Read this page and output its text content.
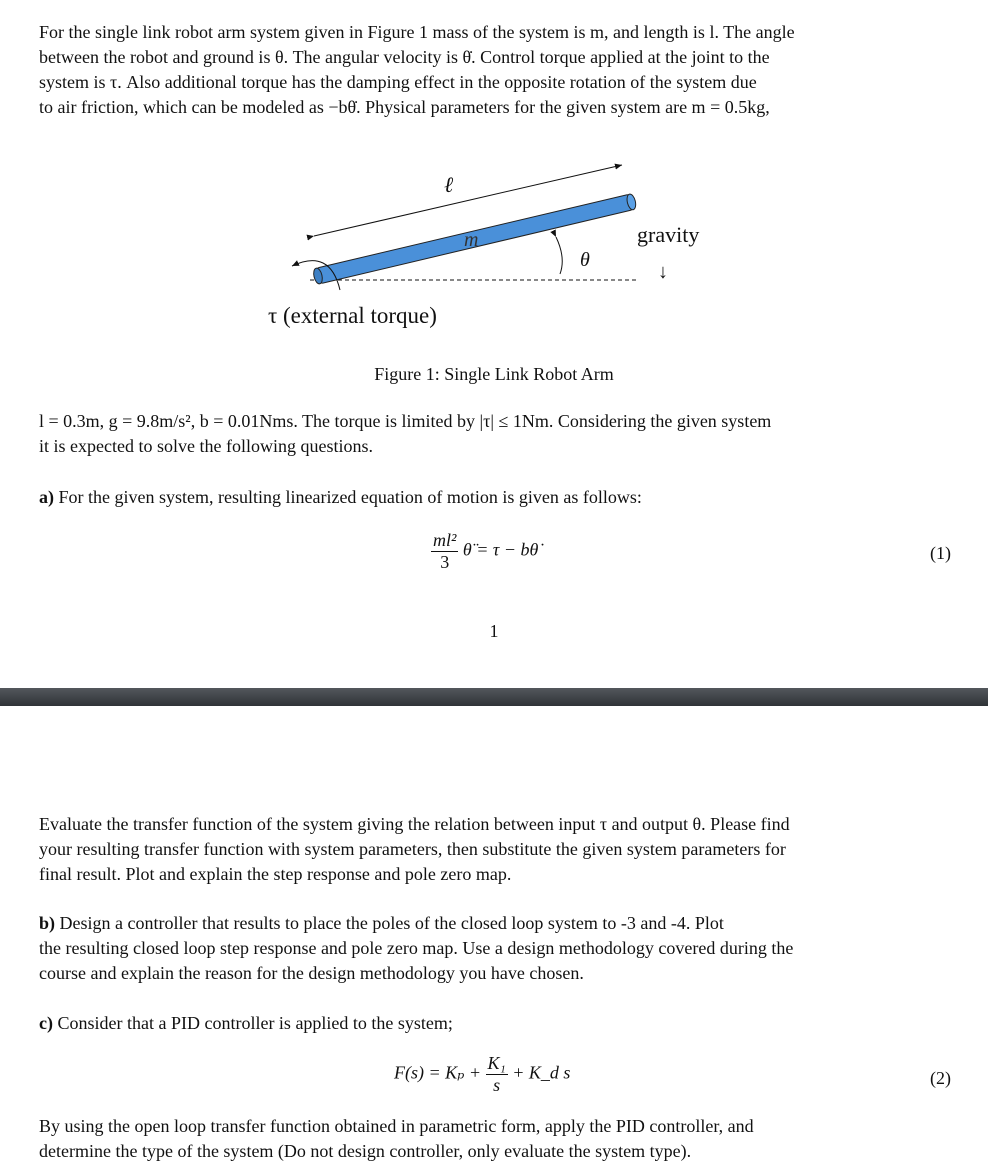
For the single link robot arm system given in Figure 1 mass of the system is m, and length is l. The angle
between the robot and ground is θ. The angular velocity is θ̇. Control torque applied at the joint to the
system is τ. Also additional torque has the damping effect in the opposite rotation of the system due
to air friction, which can be modeled as −bθ̇. Physical parameters for the given system are m = 0.5kg,
ℓ
m
θ
gravity
↓
τ (external torque)
Figure 1: Single Link Robot Arm
l = 0.3m, g = 9.8m/s², b = 0.01Nms. The torque is limited by |τ| ≤ 1Nm. Considering the given system
it is expected to solve the following questions.
a) For the given system, resulting linearized equation of motion is given as follows:
$\frac{\text{ml²}}{3}$ θ̈ = τ − bθ̇	(1)
1
Evaluate the transfer function of the system giving the relation between input τ and output θ. Please find
your resulting transfer function with system parameters, then substitute the given system parameters for
final result. Plot and explain the step response and pole zero map.
b) Design a controller that results to place the poles of the closed loop system to -3 and -4. Plot
the resulting closed loop step response and pole zero map. Use a design methodology covered during the
course and explain the reason for the design methodology you have chosen.
c) Consider that a PID controller is applied to the system;
$F(s) = K_p + \frac{\text{K₁}}{s}$ + K_d s	(2)
By using the open loop transfer function obtained in parametric form, apply the PID controller, and
determine the type of the system (Do not design controller, only evaluate the system type).
